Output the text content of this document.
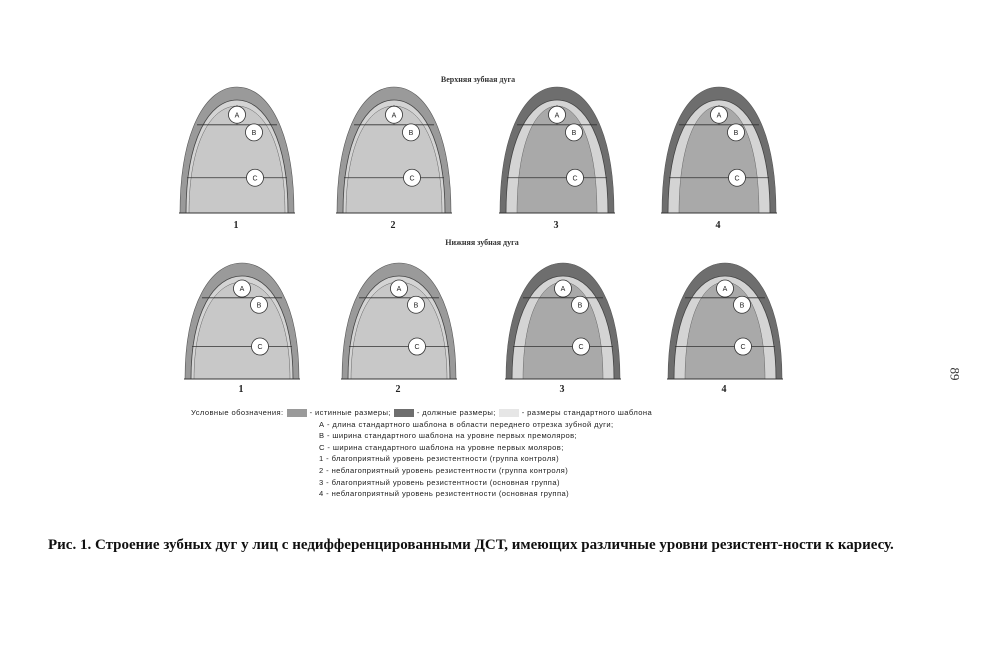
A
B
C
A
B
C
A
B
C
A
B
C
A
B
C
A
B
C
A
B
C
A
B
C
Верхняя зубная дуга
Нижняя зубная дуга
1	2	3	4
1	2	3	4
Условные обозначения:	- истинные размеры;	- должные размеры;	- размеры стандартного шаблона
А - длина стандартного шаблона в области переднего отрезка зубной дуги;
В - ширина стандартного шаблона на уровне первых премоляров;
С - ширина стандартного шаблона на уровне первых моляров;
1 - благоприятный уровень резистентности (группа контроля)
2 - неблагоприятный уровень резистентности (группа контроля)
3 - благоприятный уровень резистентности (основная группа)
4 - неблагоприятный уровень резистентности (основная группа)
Рис. 1. Строение зубных дуг у лиц с недифференцированными ДСТ, имеющих различные уровни резистент-ности к кариесу.
89
